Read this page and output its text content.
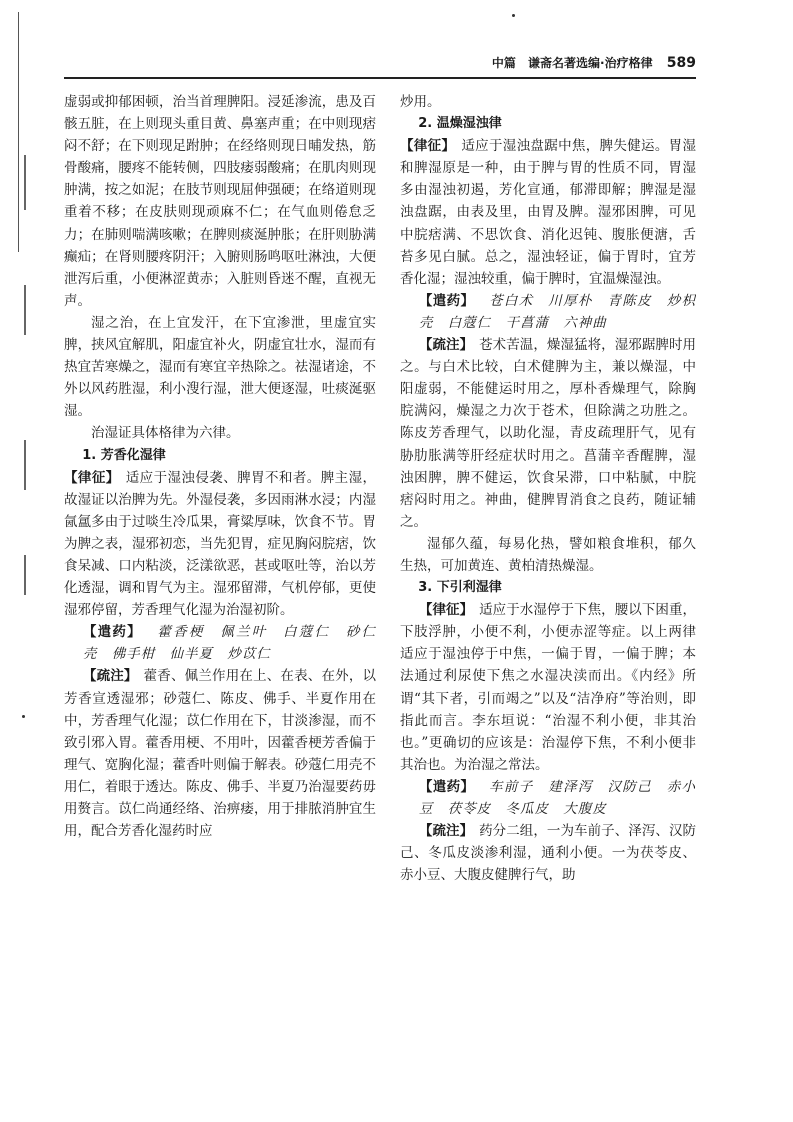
中篇 谦斋名著选编·治疗格律 589

虚弱或抑郁困顿，治当首理脾阳。浸延渗流，患及百骸五脏，在上则现头重目黄、鼻塞声重；在中则现痞闷不舒；在下则现足跗肿；在经络则现日晡发热，筋骨酸痛，腰疼不能转侧，四肢痿弱酸痛；在肌肉则现肿满，按之如泥；在肢节则现屈伸强硬；在络道则现重着不移；在皮肤则现顽麻不仁；在气血则倦怠乏力；在肺则喘满咳嗽；在脾则痰涎肿胀；在肝则胁满癫疝；在肾则腰疼阴汗；入腑则肠鸣呕吐淋浊，大便泄泻后重，小便淋涩黄赤；入脏则昏迷不醒，直视无声。

湿之治，在上宜发汗，在下宜渗泄，里虚宜实脾，挟风宜解肌，阳虚宜补火，阴虚宜壮水，湿而有热宜苦寒燥之，湿而有寒宜辛热除之。祛湿诸途，不外以风药胜湿，利小溲行湿，泄大便逐湿，吐痰涎驱湿。

治湿证具体格律为六律。

1. 芳香化湿律

【律征】 适应于湿浊侵袭、脾胃不和者。脾主湿，故湿证以治脾为先。外湿侵袭，多因雨淋水浸；内湿氤氲多由于过啖生冷瓜果，膏粱厚味，饮食不节。胃为脾之表，湿邪初恋，当先犯胃，症见胸闷脘痞，饮食呆减、口内粘淡，泛漾欲恶，甚或呕吐等，治以芳化透湿，调和胃气为主。湿邪留滞，气机停郁，更使湿邪停留，芳香理气化湿为治湿初阶。

【遣药】 藿香梗 佩兰叶 白蔻仁 砂仁壳 佛手柑 仙半夏 炒苡仁

【疏注】 藿香、佩兰作用在上、在表、在外，以芳香宣透湿邪；砂蔻仁、陈皮、佛手、半夏作用在中，芳香理气化湿；苡仁作用在下，甘淡渗湿，而不致引邪入胃。藿香用梗、不用叶，因藿香梗芳香偏于理气、宽胸化湿；藿香叶则偏于解表。砂蔻仁用壳不用仁，着眼于透达。陈皮、佛手、半夏乃治湿要药毋用赘言。苡仁尚通经络、治痹痿，用于排脓消肿宜生用，配合芳香化湿药时应

炒用。

2. 温燥湿浊律

【律征】 适应于湿浊盘踞中焦，脾失健运。胃湿和脾湿原是一种，由于脾与胃的性质不同，胃湿多由湿浊初遏，芳化宣通，郁滞即解；脾湿是湿浊盘踞，由表及里，由胃及脾。湿邪困脾，可见中脘痞满、不思饮食、消化迟钝、腹胀便溏，舌苔多见白腻。总之，湿浊轻证，偏于胃时，宜芳香化湿；湿浊较重，偏于脾时，宜温燥湿浊。

【遣药】 苍白术 川厚朴 青陈皮 炒枳壳 白蔻仁 干菖蒲 六神曲

【疏注】 苍术苦温，燥湿猛将，湿邪踞脾时用之。与白术比较，白术健脾为主，兼以燥湿，中阳虚弱，不能健运时用之，厚朴香燥理气，除胸脘满闷，燥湿之力次于苍术，但除满之功胜之。陈皮芳香理气，以助化湿，青皮疏理肝气，见有胁肋胀满等肝经症状时用之。菖蒲辛香醒脾，湿浊困脾，脾不健运，饮食呆滞，口中粘腻，中脘痞闷时用之。神曲，健脾胃消食之良药，随证辅之。

湿郁久蕴，每易化热，譬如粮食堆积，郁久生热，可加黄连、黄柏清热燥湿。

3. 下引利湿律

【律征】 适应于水湿停于下焦，腰以下困重，下肢浮肿，小便不利，小便赤涩等症。以上两律适应于湿浊停于中焦，一偏于胃，一偏于脾；本法通过利尿使下焦之水湿决渎而出。《内经》所谓“其下者，引而竭之”以及“洁净府”等治则，即指此而言。李东垣说：“治湿不利小便，非其治也。”更确切的应该是：治湿停下焦，不利小便非其治也。为治湿之常法。

【遣药】 车前子 建泽泻 汉防己 赤小豆 茯苓皮 冬瓜皮 大腹皮

【疏注】 药分二组，一为车前子、泽泻、汉防己、冬瓜皮淡渗利湿，通利小便。一为茯苓皮、赤小豆、大腹皮健脾行气，助
